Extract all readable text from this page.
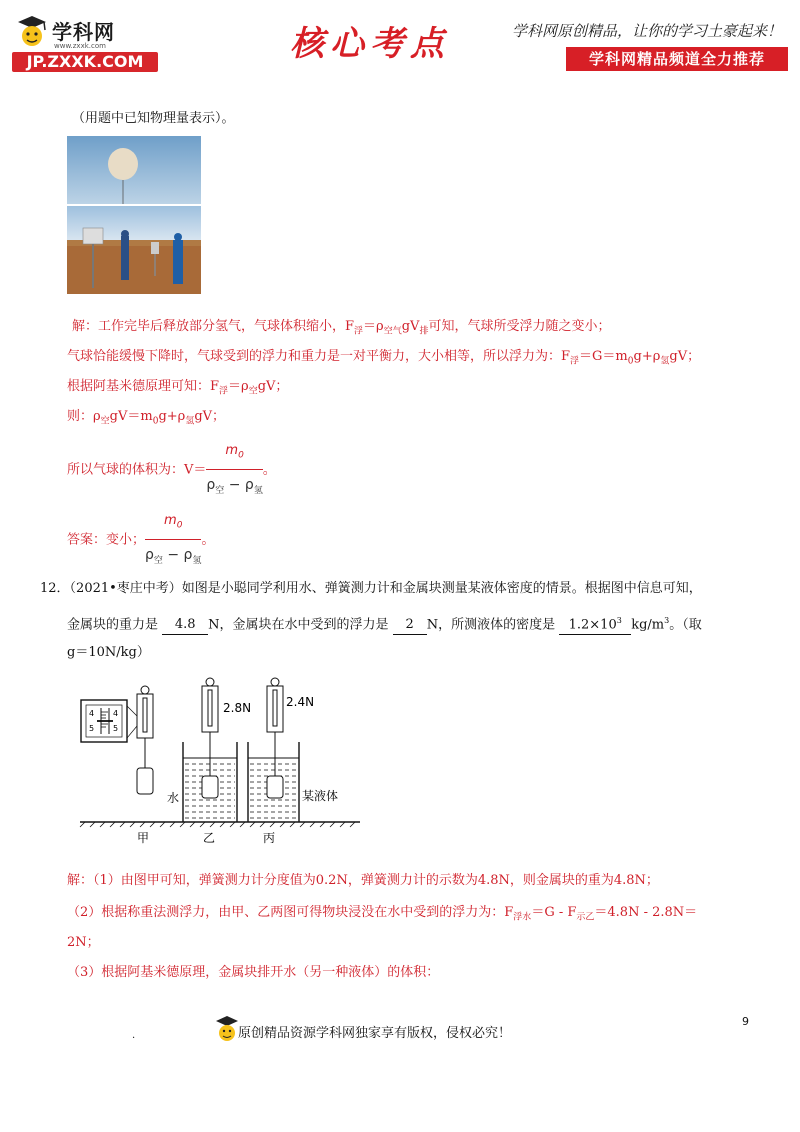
学科网
www.zxxk.com
JP.ZXXK.COM	核心考点	学科网原创精品，让你的学习土豪起来！
学科网精品频道全力推荐
（用题中已知物理量表示）。
解：工作完毕后释放部分氢气，气球体积缩小，$F_浮=\rho_{空气}gV_排$可知，气球所受浮力随之变小；
气球恰能缓慢下降时，气球受到的浮力和重力是一对平衡力，大小相等，所以浮力为：$F_浮=G=m_0g+\rho_氢gV$；
根据阿基米德原理可知：$F_浮=\rho_空gV$；
则：$\rho_空gV=m_0g+\rho_氢gV$；
所以气球的体积为：$V= \frac{m_0}{\rho_空 - \rho_氢}$ 。
答案：变小； $\frac{m_0}{\rho_空 - \rho_氢}$ 。
12．（2021•枣庄中考）如图是小聪同学利用水、弹簧测力计和金属块测量某液体密度的情景。根据图中信息可知，
金属块的重力是 4.8 N，金属块在水中受到的浮力是 2 N，所测液体的密度是 $1.2\times 10^3$ $kg/m^3$。（取
g＝10N/kg）
4
5
4
5
2.8N	2.4N
水	某液体
甲	乙	丙
解：（1）由图甲可知，弹簧测力计分度值为0.2N，弹簧测力计的示数为4.8N，则金属块的重为4.8N；
（2）根据称重法测浮力，由甲、乙两图可得物块浸没在水中受到的浮力为：$F_{浮水}=G - F_{示乙}=4.8N - 2.8N=$
2N；
（3）根据阿基米德原理，金属块排开水（另一种液体）的体积：
.	原创精品资源学科网独家享有版权，侵权必究！
9
